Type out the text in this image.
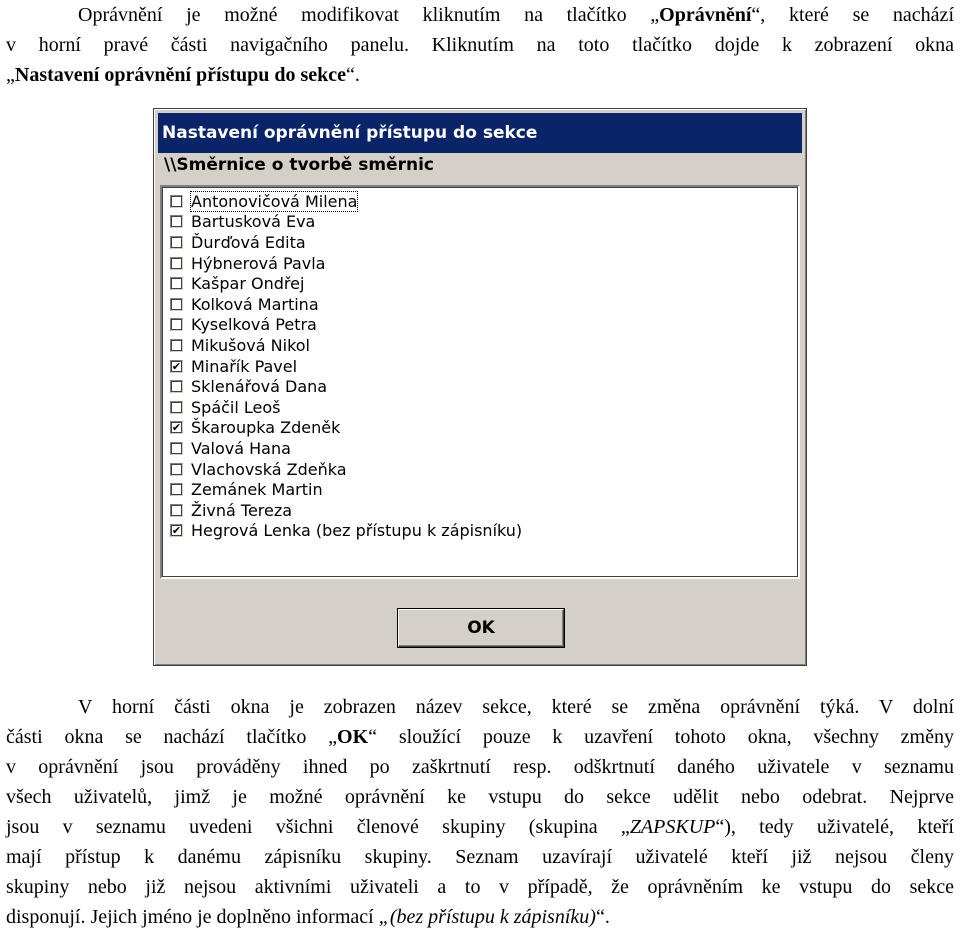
Oprávnění je možné modifikovat kliknutím na tlačítko „Oprávnění“, které se nachází
v horní pravé části navigačního panelu. Kliknutím na toto tlačítko dojde k zobrazení okna
„Nastavení oprávnění přístupu do sekce“.
Nastavení oprávnění přístupu do sekce
\\Směrnice o tvorbě směrnic
Antonovičová Milena
Bartusková Eva
Ďurďová Edita
Hýbnerová Pavla
Kašpar Ondřej
Kolková Martina
Kyselková Petra
Mikušová Nikol
✔ Minařík Pavel
Sklenářová Dana
Spáčil Leoš
✔ Škaroupka Zdeněk
Valová Hana
Vlachovská Zdeňka
Zemánek Martin
Živná Tereza
✔ Hegrová Lenka (bez přístupu k zápisníku)
OK
V horní části okna je zobrazen název sekce, které se změna oprávnění týká. V dolní
části okna se nachází tlačítko „OK“ sloužící pouze k uzavření tohoto okna, všechny změny
v oprávnění jsou prováděny ihned po zaškrtnutí resp. odškrtnutí daného uživatele v seznamu
všech uživatelů, jimž je možné oprávnění ke vstupu do sekce udělit nebo odebrat. Nejprve
jsou v seznamu uvedeni všichni členové skupiny (skupina „ZAPSKUP“), tedy uživatelé, kteří
mají přístup k danému zápisníku skupiny. Seznam uzavírají uživatelé kteří již nejsou členy
skupiny nebo již nejsou aktivními uživateli a to v případě, že oprávněním ke vstupu do sekce
disponují. Jejich jméno je doplněno informací „(bez přístupu k zápisníku)“.
